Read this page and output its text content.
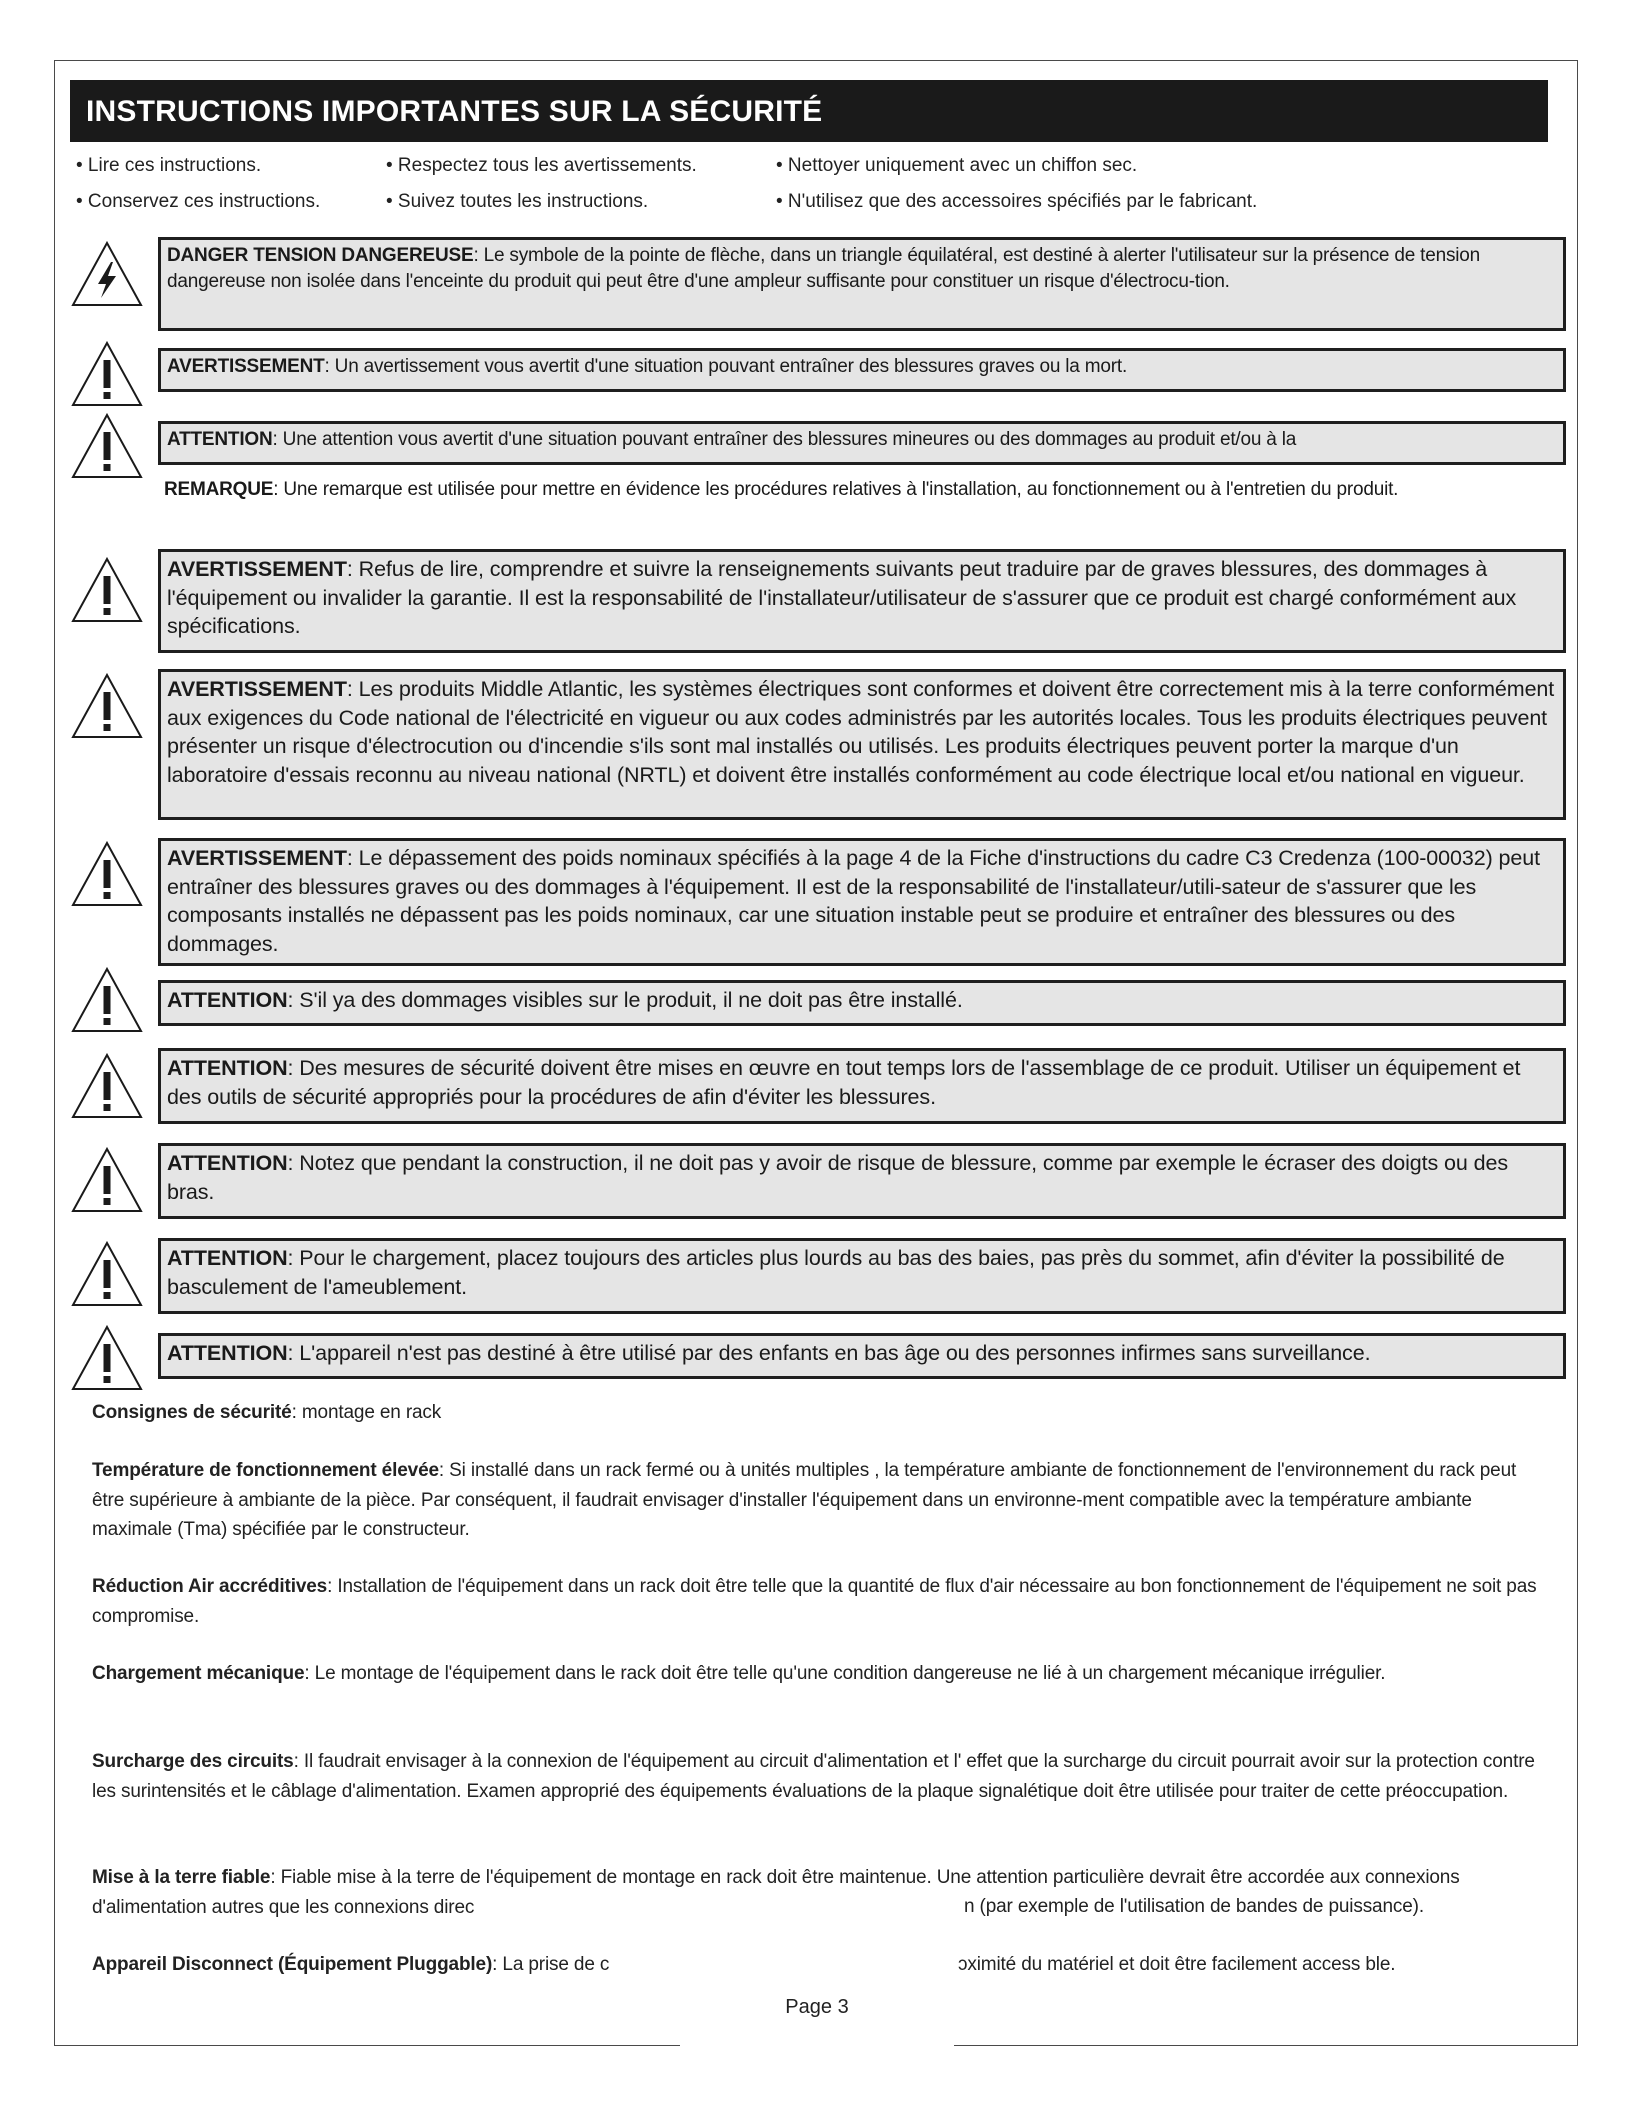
INSTRUCTIONS IMPORTANTES SUR LA SÉCURITÉ
• Lire ces instructions.
• Conservez ces instructions.
• Respectez tous les avertissements.
• Suivez toutes les instructions.
• Nettoyer uniquement avec un chiffon sec.
• N'utilisez que des accessoires spécifiés par le fabricant.
DANGER TENSION DANGEREUSE: Le symbole de la pointe de flèche, dans un triangle équilatéral, est destiné à alerter l'utilisateur sur la présence de tension dangereuse non isolée dans l'enceinte du produit qui peut être d'une ampleur suffisante pour constituer un risque d'électrocu-tion.
AVERTISSEMENT: Un avertissement vous avertit d'une situation pouvant entraîner des blessures graves ou la mort.
ATTENTION: Une attention vous avertit d'une situation pouvant entraîner des blessures mineures ou des dommages au produit et/ou à la
REMARQUE: Une remarque est utilisée pour mettre en évidence les procédures relatives à l'installation, au fonctionnement ou à l'entretien du produit.
AVERTISSEMENT: Refus de lire, comprendre et suivre la renseignements suivants peut traduire par de graves blessures, des dommages à l'équipement ou invalider la garantie. Il est la responsabilité de l'installateur/utilisateur de s'assurer que ce produit est chargé conformément aux spécifications.
AVERTISSEMENT: Les produits Middle Atlantic, les systèmes électriques sont conformes et doivent être correctement mis à la terre conformément aux exigences du Code national de l'électricité en vigueur ou aux codes administrés par les autorités locales. Tous les produits électriques peuvent présenter un risque d'électrocution ou d'incendie s'ils sont mal installés ou utilisés. Les produits électriques peuvent porter la marque d'un laboratoire d'essais reconnu au niveau national (NRTL) et doivent être installés conformément au code électrique local et/ou national en vigueur.
AVERTISSEMENT: Le dépassement des poids nominaux spécifiés à la page 4 de la Fiche d'instructions du cadre C3 Credenza (100-00032) peut entraîner des blessures graves ou des dommages à l'équipement. Il est de la responsabilité de l'installateur/utili-sateur de s'assurer que les composants installés ne dépassent pas les poids nominaux, car une situation instable peut se produire et entraîner des blessures ou des dommages.
ATTENTION: S'il ya des dommages visibles sur le produit, il ne doit pas être installé.
ATTENTION: Des mesures de sécurité doivent être mises en œuvre en tout temps lors de l'assemblage de ce produit. Utiliser un équipement et des outils de sécurité appropriés pour la procédures de afin d'éviter les blessures.
ATTENTION: Notez que pendant la construction, il ne doit pas y avoir de risque de blessure, comme par exemple le écraser des doigts ou des bras.
ATTENTION: Pour le chargement, placez toujours des articles plus lourds au bas des baies, pas près du sommet, afin d'éviter la possibilité de basculement de l'ameublement.
ATTENTION: L'appareil n'est pas destiné à être utilisé par des enfants en bas âge ou des personnes infirmes sans surveillance.
Consignes de sécurité: montage en rack
Température de fonctionnement élevée: Si installé dans un rack fermé ou à unités multiples , la température ambiante de fonctionnement de l'environnement du rack peut être supérieure à ambiante de la pièce. Par conséquent, il faudrait envisager d'installer l'équipement dans un environne-ment compatible avec la température ambiante maximale (Tma) spécifiée par le constructeur.
Réduction Air accréditives: Installation de l'équipement dans un rack doit être telle que la quantité de flux d'air nécessaire au bon fonctionnement de l'équipement ne soit pas compromise.
Chargement mécanique: Le montage de l'équipement dans le rack doit être telle qu'une condition dangereuse ne lié à un chargement mécanique irrégulier.
Surcharge des circuits: Il faudrait envisager à la connexion de l'équipement au circuit d'alimentation et l' effet que la surcharge du circuit pourrait avoir sur la protection contre les surintensités et le câblage d'alimentation. Examen approprié des équipements évaluations de la plaque signalétique doit être utilisée pour traiter de cette préoccupation.
Mise à la terre fiable: Fiable mise à la terre de l'équipement de montage en rack doit être maintenue. Une attention particulière devrait être accordée aux connexions d'alimentation autres que les connexions direc
Appareil Disconnect (Équipement Pluggable): La prise de c
n (par exemple de l'utilisation de bandes de puissance).
ɔximité du matériel et doit être facilement access ble.
Page 3
